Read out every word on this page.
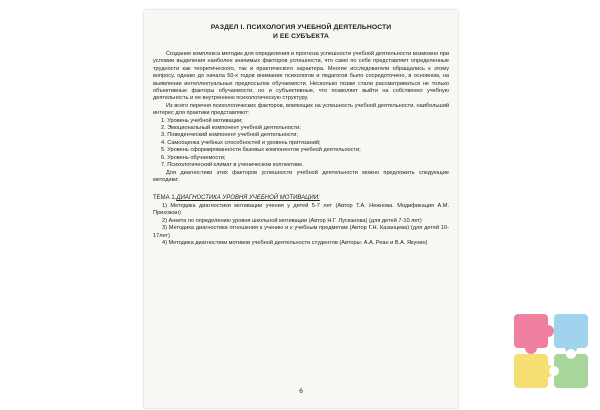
РАЗДЕЛ I. ПСИХОЛОГИЯ УЧЕБНОЙ ДЕЯТЕЛЬНОСТИ
И ЕЕ СУБЪЕКТА

Создание комплекса методик для определения и прогноза успешности учебной деятельности возможно при условии выделения наиболее значимых факторов успешности, что само по себе представляет определенные трудности как теоретического, так и практического характера. Многие исследователи обращались к этому вопросу, однако до начала 50-х годов внимание психологов и педагогов было сосредоточено, в основном, на выявлении интеллектуальных предпосылок обучаемости. Несколько позже стали рассматриваться не только объективные факторы обучаемости, но и субъективные, что позволяет выйти на собственно учебную деятельность и ее внутреннюю психологическую структуру.

Из всего перечня психологических факторов, влияющих на успешность учебной деятельности, наибольший интерес для практики представляют:

1. Уровень учебной мотивации;
2. Эмоциональный компонент учебной деятельности;
3. Поведенческий компонент учебной деятельности;
4. Самооценка учебных способностей и уровень притязаний;
5. Уровень сформированности базовых компонентов учебной деятельности;
6. Уровень обучаемости;
7. Психологический климат в ученическом коллективе.

Для диагностики этих факторов успешности учебной деятельности можно предложить следующие методики:

ТЕМА 1.ДИАГНОСТИКА УРОВНЯ УЧЕБНОЙ МОТИВАЦИИ:
1) Методика диагностики мотивации учения у детей 5-7 лет (Автор Т.А. Нежнова. Модификация А.М. Прихожан)
2) Анкета по определению уровня школьной мотивации (Автор Н.Г. Лусканова) (для детей 7-10 лет)
3) Методика диагностики отношения к учению и к учебным предметам (Автор Г.Н. Казанцева) (для детей 10-17лет)
4) Методика диагностики мотивов учебной деятельности студентов (Авторы: А.А. Реан и В.А. Якунин)
6
